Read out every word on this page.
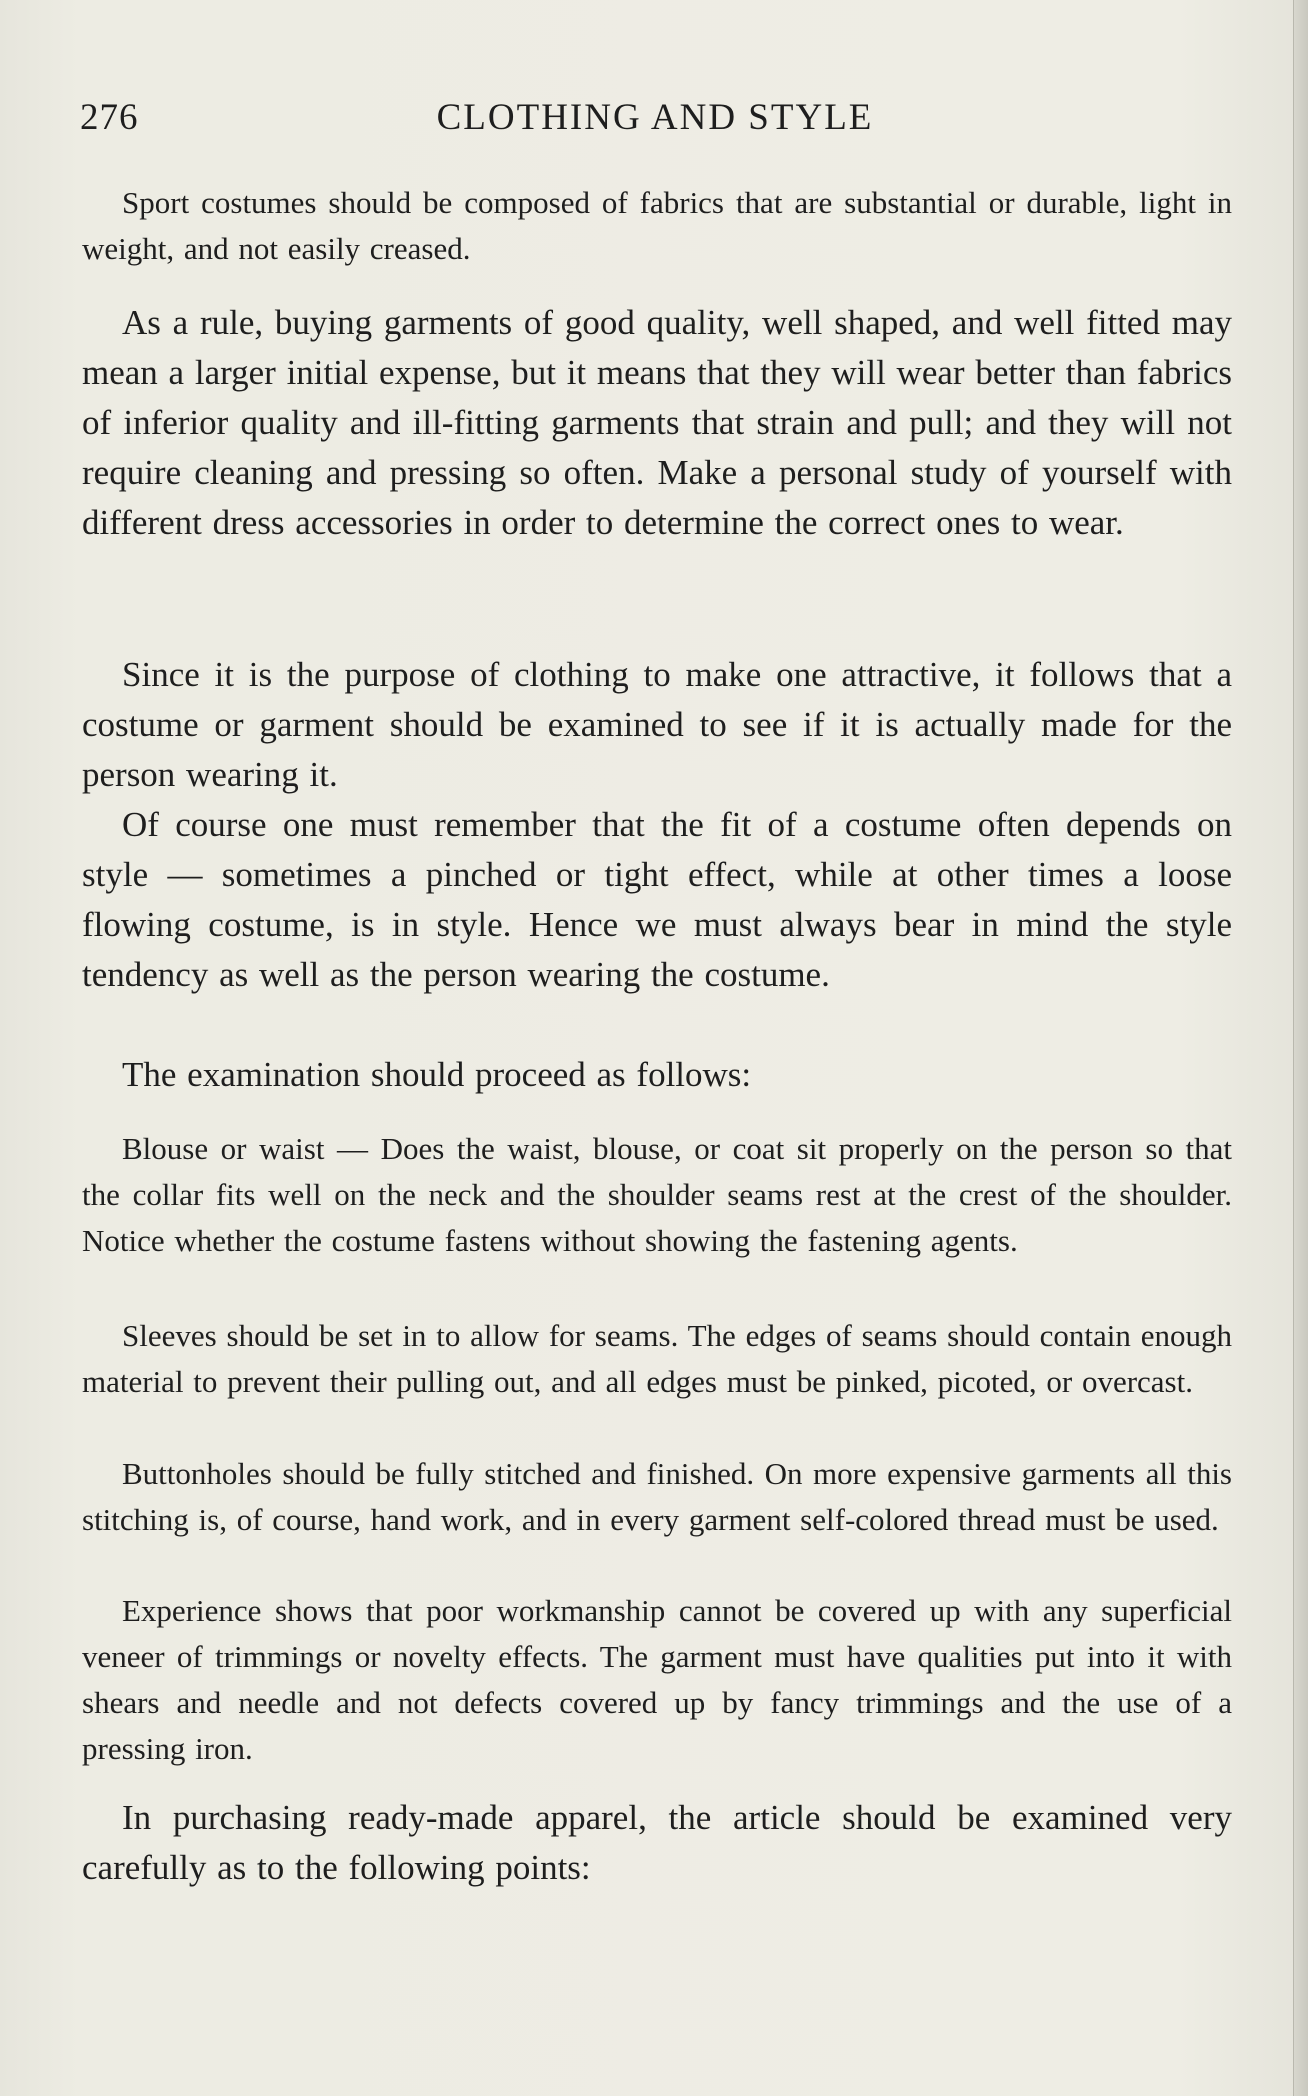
276	CLOTHING AND STYLE

Sport costumes should be composed of fabrics that are substantial or durable, light in weight, and not easily creased.

As a rule, buying garments of good quality, well shaped, and well fitted may mean a larger initial expense, but it means that they will wear better than fabrics of inferior quality and ill-fitting garments that strain and pull; and they will not require cleaning and pressing so often. Make a personal study of yourself with different dress accessories in order to determine the correct ones to wear.

Since it is the purpose of clothing to make one attractive, it follows that a costume or garment should be examined to see if it is actually made for the person wearing it.

Of course one must remember that the fit of a costume often depends on style — sometimes a pinched or tight effect, while at other times a loose flowing costume, is in style. Hence we must always bear in mind the style tendency as well as the person wearing the costume.

The examination should proceed as follows:

Blouse or waist — Does the waist, blouse, or coat sit properly on the person so that the collar fits well on the neck and the shoulder seams rest at the crest of the shoulder. Notice whether the costume fastens without showing the fastening agents.

Sleeves should be set in to allow for seams. The edges of seams should contain enough material to prevent their pulling out, and all edges must be pinked, picoted, or overcast.

Buttonholes should be fully stitched and finished. On more expensive garments all this stitching is, of course, hand work, and in every garment self-colored thread must be used.

Experience shows that poor workmanship cannot be covered up with any superficial veneer of trimmings or novelty effects. The garment must have qualities put into it with shears and needle and not defects covered up by fancy trimmings and the use of a pressing iron.

In purchasing ready-made apparel, the article should be examined very carefully as to the following points:
